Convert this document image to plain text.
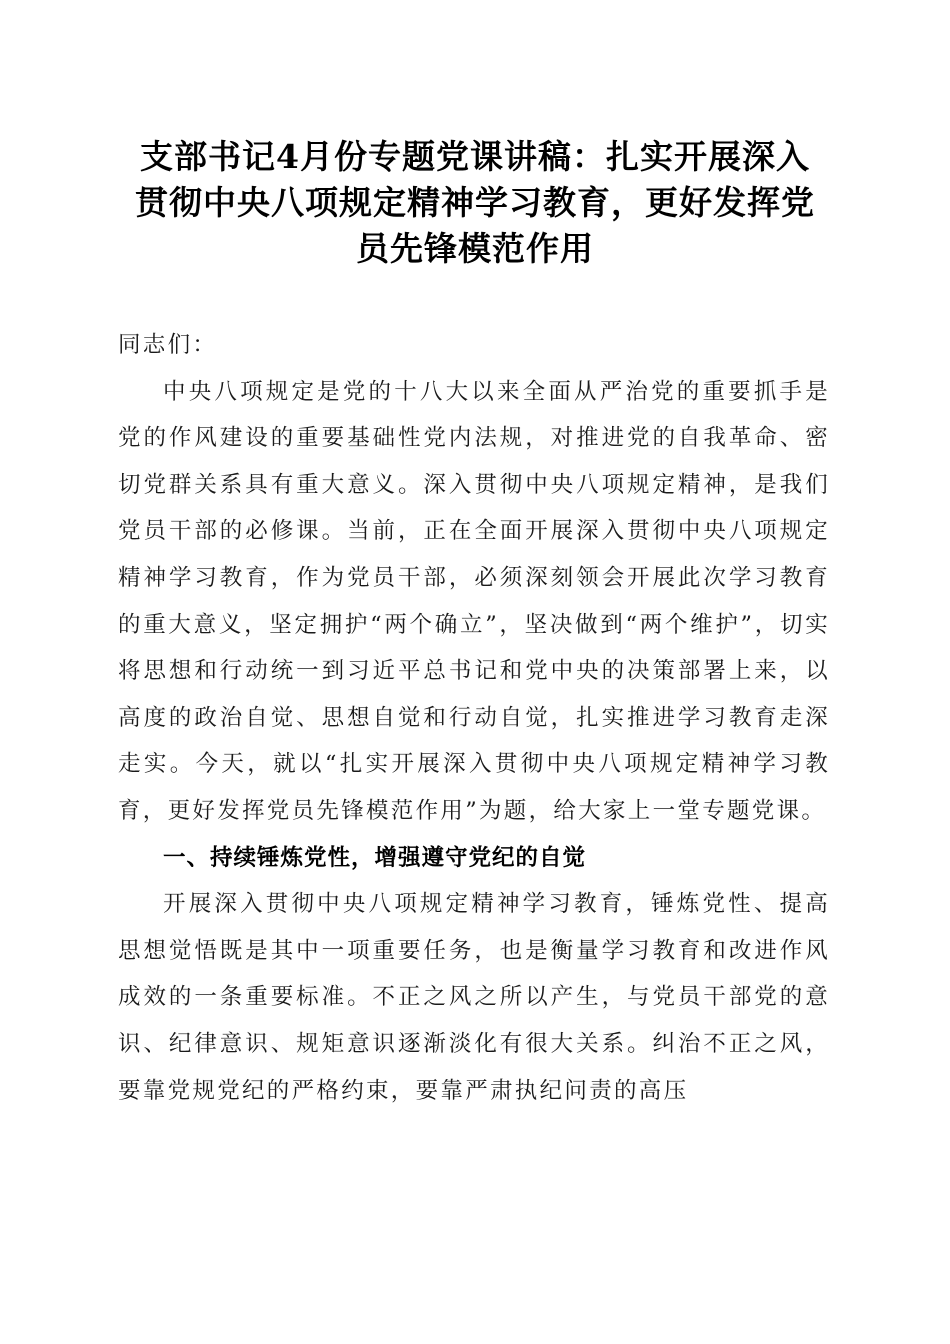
支部书记4月份专题党课讲稿：扎实开展深入
贯彻中央八项规定精神学习教育，更好发挥党
员先锋模范作用

同志们：

中央八项规定是党的十八大以来全面从严治党的重要抓手是党的作风建设的重要基础性党内法规，对推进党的自我革命、密切党群关系具有重大意义。深入贯彻中央八项规定精神，是我们党员干部的必修课。当前，正在全面开展深入贯彻中央八项规定精神学习教育，作为党员干部，必须深刻领会开展此次学习教育的重大意义，坚定拥护“两个确立”，坚决做到“两个维护”，切实将思想和行动统一到习近平总书记和党中央的决策部署上来，以高度的政治自觉、思想自觉和行动自觉，扎实推进学习教育走深走实。今天，就以“扎实开展深入贯彻中央八项规定精神学习教育，更好发挥党员先锋模范作用”为题，给大家上一堂专题党课。

一、持续锤炼党性，增强遵守党纪的自觉

开展深入贯彻中央八项规定精神学习教育，锤炼党性、提高思想觉悟既是其中一项重要任务，也是衡量学习教育和改进作风成效的一条重要标准。不正之风之所以产生，与党员干部党的意识、纪律意识、规矩意识逐渐淡化有很大关系。纠治不正之风，要靠党规党纪的严格约束，要靠严肃执纪问责的高压
